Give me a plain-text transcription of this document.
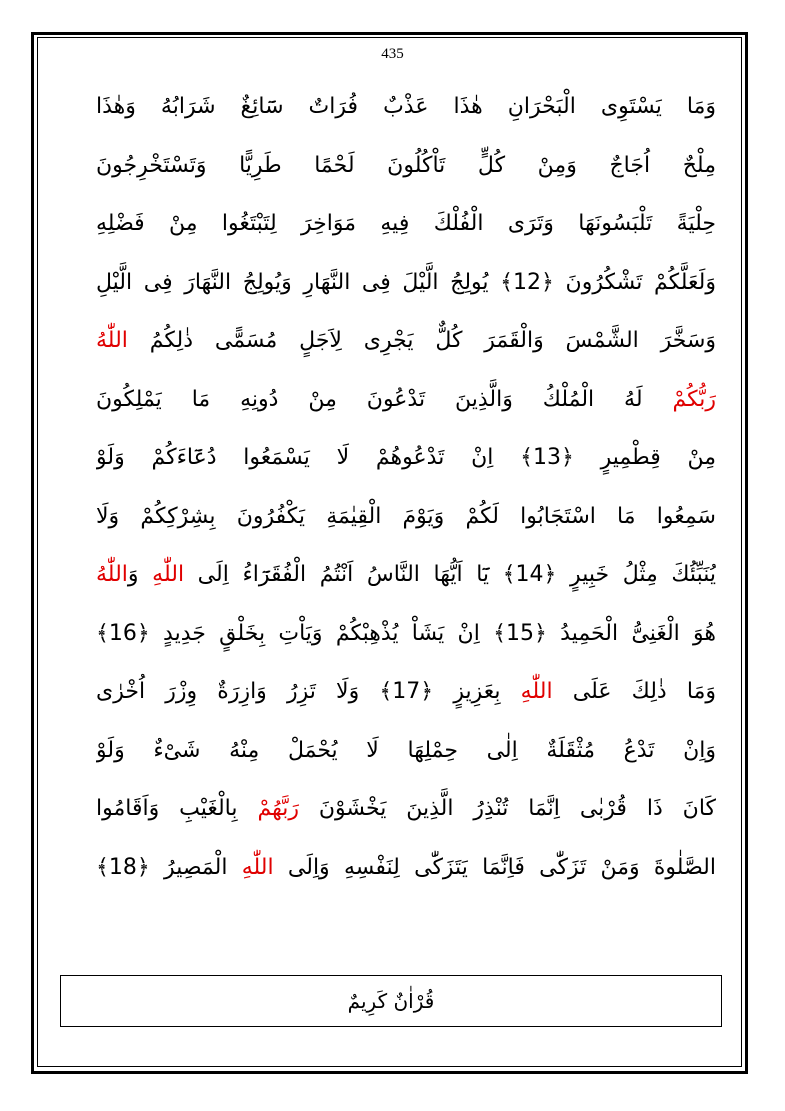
435
وَمَا يَسْتَوِى الْبَحْرَانِ هٰذَا عَذْبٌ فُرَاتٌ سَٓائِغٌ شَرَابُهُ وَهٰذَا
مِلْحٌ اُجَاجٌ وَمِنْ كُلٍّ تَاْكُلُونَ لَحْمًا طَرِيًّا وَتَسْتَخْرِجُونَ
حِلْيَةً تَلْبَسُونَهَا وَتَرَى الْفُلْكَ فِيهِ مَوَاخِرَ لِتَبْتَغُوا مِنْ فَضْلِهِ
وَلَعَلَّكُمْ تَشْكُرُونَ ﴿12﴾ يُولِجُ الَّيْلَ فِى النَّهَارِ وَيُولِجُ النَّهَارَ فِى الَّيْلِ
وَسَخَّرَ الشَّمْسَ وَالْقَمَرَ كُلٌّ يَجْرِى لِاَجَلٍ مُسَمًّى ذٰلِكُمُ اللّٰهُ
رَبُّكُمْ لَهُ الْمُلْكُ وَالَّذِينَ تَدْعُونَ مِنْ دُونِهِ مَا يَمْلِكُونَ
مِنْ قِطْمِيرٍ ﴿13﴾ اِنْ تَدْعُوهُمْ لَا يَسْمَعُوا دُعَٓاءَكُمْ وَلَوْ
سَمِعُوا مَا اسْتَجَابُوا لَكُمْ وَيَوْمَ الْقِيٰمَةِ يَكْفُرُونَ بِشِرْكِكُمْ وَلَا
يُنَبِّئُكَ مِثْلُ خَبِيرٍ ﴿14﴾ يَٓا اَيُّهَا النَّاسُ اَنْتُمُ الْفُقَرَٓاءُ اِلَى اللّٰهِ وَاللّٰهُ
هُوَ الْغَنِىُّ الْحَمِيدُ ﴿15﴾ اِنْ يَشَاْ يُذْهِبْكُمْ وَيَاْتِ بِخَلْقٍ جَدِيدٍ ﴿16﴾
وَمَا ذٰلِكَ عَلَى اللّٰهِ بِعَزِيزٍ ﴿17﴾ وَلَا تَزِرُ وَازِرَةٌ وِزْرَ اُخْرٰى
وَاِنْ تَدْعُ مُثْقَلَةٌ اِلٰى حِمْلِهَا لَا يُحْمَلْ مِنْهُ شَىْءٌ وَلَوْ
كَانَ ذَا قُرْبٰى اِنَّمَا تُنْذِرُ الَّذِينَ يَخْشَوْنَ رَبَّهُمْ بِالْغَيْبِ وَاَقَامُوا
الصَّلٰوةَ وَمَنْ تَزَكّٰى فَاِنَّمَا يَتَزَكّٰى لِنَفْسِهِ وَاِلَى اللّٰهِ الْمَصِيرُ ﴿18﴾
قُرْاٰنٌ كَرِيمٌ
